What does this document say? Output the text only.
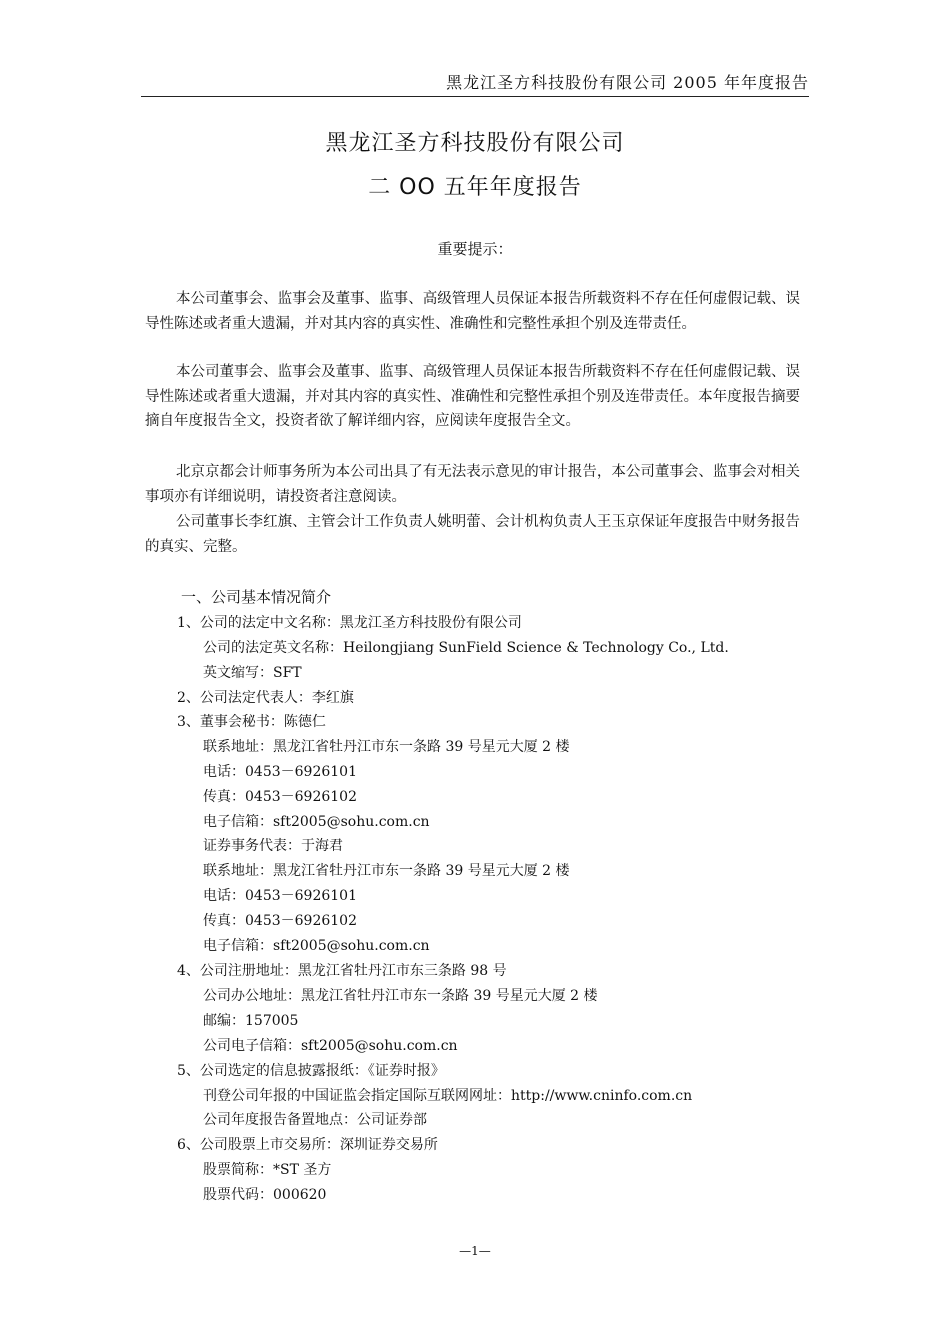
黑龙江圣方科技股份有限公司 2005 年年度报告
黑龙江圣方科技股份有限公司
二 OO 五年年度报告
重要提示：

本公司董事会、监事会及董事、监事、高级管理人员保证本报告所载资料不存在任何虚假记载、误导性陈述或者重大遗漏，并对其内容的真实性、准确性和完整性承担个别及连带责任。

本公司董事会、监事会及董事、监事、高级管理人员保证本报告所载资料不存在任何虚假记载、误导性陈述或者重大遗漏，并对其内容的真实性、准确性和完整性承担个别及连带责任。本年度报告摘要摘自年度报告全文，投资者欲了解详细内容，应阅读年度报告全文。

北京京都会计师事务所为本公司出具了有无法表示意见的审计报告，本公司董事会、监事会对相关事项亦有详细说明，请投资者注意阅读。

公司董事长李红旗、主管会计工作负责人姚明蕾、会计机构负责人王玉京保证年度报告中财务报告的真实、完整。

一、公司基本情况简介
1、公司的法定中文名称：黑龙江圣方科技股份有限公司
公司的法定英文名称：Heilongjiang SunField Science & Technology Co., Ltd.
英文缩写：SFT
2、公司法定代表人：李红旗
3、董事会秘书：陈德仁
联系地址：黑龙江省牡丹江市东一条路 39 号星元大厦 2 楼
电话：0453－6926101
传真：0453－6926102
电子信箱：sft2005@sohu.com.cn
证券事务代表：于海君
联系地址：黑龙江省牡丹江市东一条路 39 号星元大厦 2 楼
电话：0453－6926101
传真：0453－6926102
电子信箱：sft2005@sohu.com.cn
4、公司注册地址：黑龙江省牡丹江市东三条路 98 号
公司办公地址：黑龙江省牡丹江市东一条路 39 号星元大厦 2 楼
邮编：157005
公司电子信箱：sft2005@sohu.com.cn
5、公司选定的信息披露报纸：《证券时报》
刊登公司年报的中国证监会指定国际互联网网址：http://www.cninfo.com.cn
公司年度报告备置地点：公司证券部
6、公司股票上市交易所：深圳证券交易所
股票简称：*ST 圣方
股票代码：000620
—1—
